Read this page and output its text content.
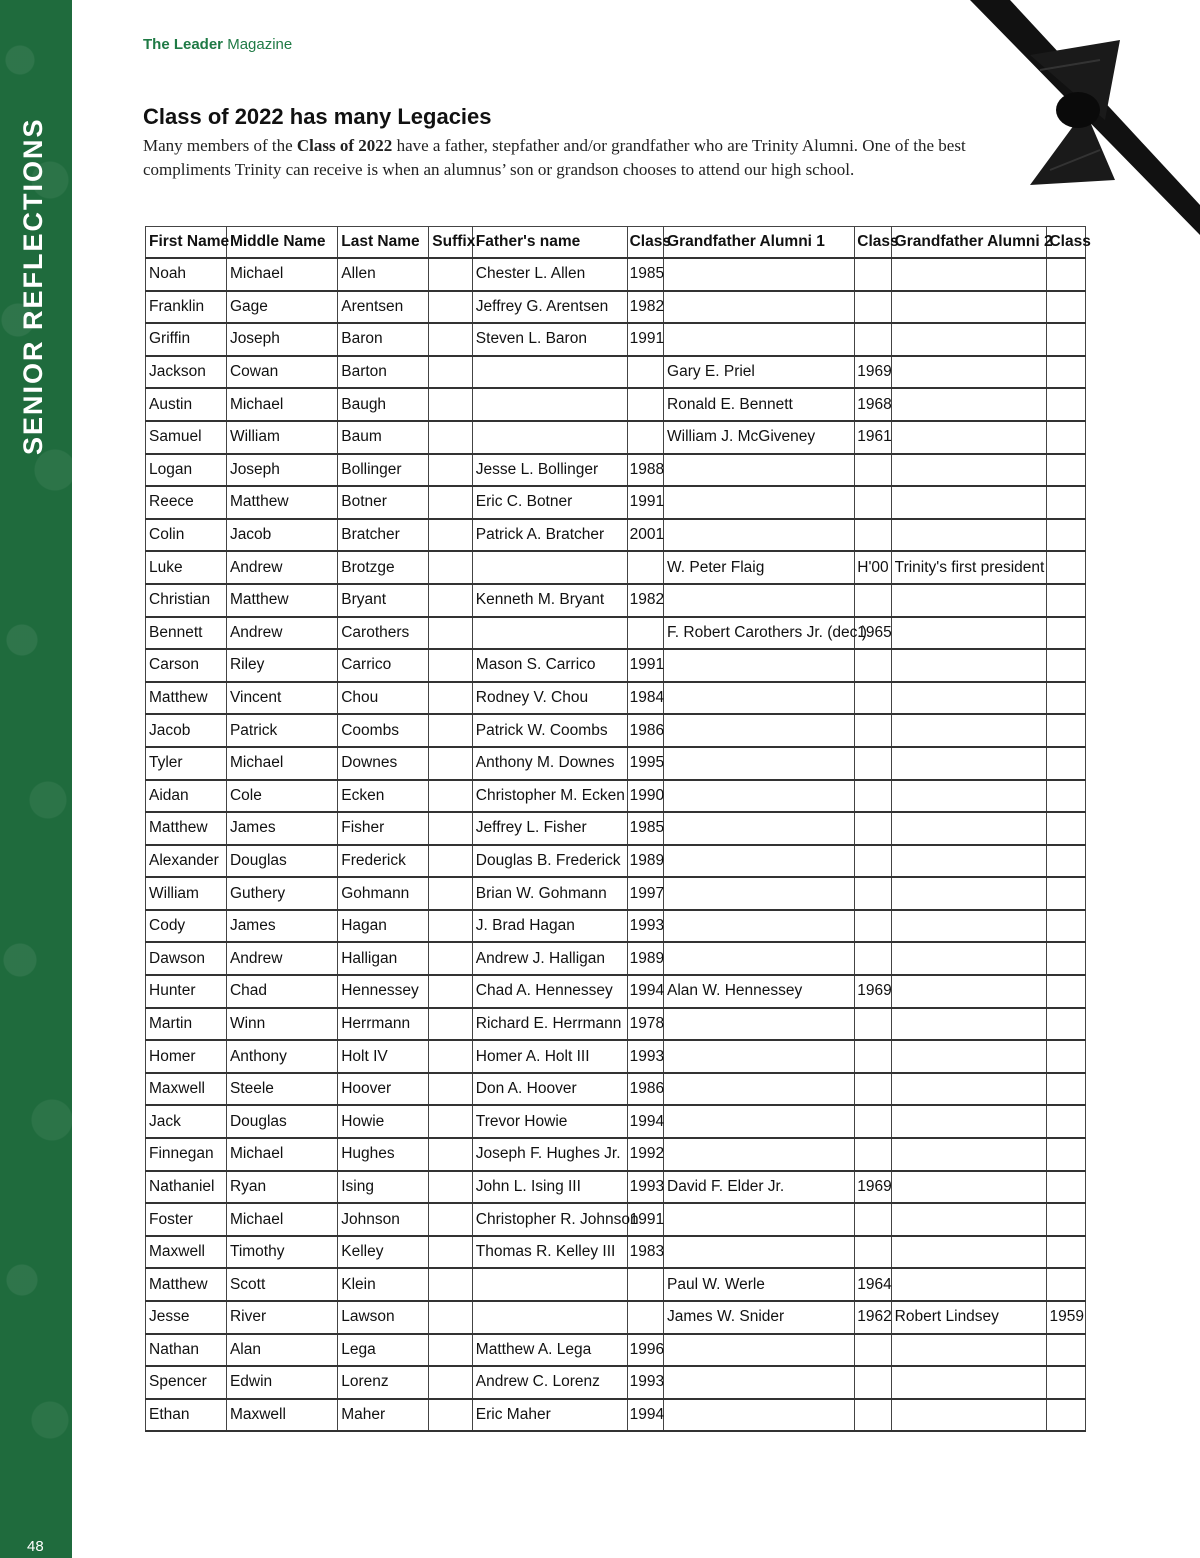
SENIOR REFLECTIONS
48
The Leader Magazine
Class of 2022 has many Legacies

Many members of the Class of 2022 have a father, stepfather and/or grandfather who are Trinity Alumni. One of the best compliments Trinity can receive is when an alumnus’ son or grandson chooses to attend our high school.

First Name	Middle Name	Last Name	Suffix	Father's name	Class	Grandfather Alumni 1	Class	Grandfather Alumni 2	Class
Noah	Michael	Allen		Chester L. Allen	1985				
Franklin	Gage	Arentsen		Jeffrey G. Arentsen	1982				
Griffin	Joseph	Baron		Steven L. Baron	1991				
Jackson	Cowan	Barton				Gary E. Priel	1969		
Austin	Michael	Baugh				Ronald E. Bennett	1968		
Samuel	William	Baum				William J. McGiveney	1961		
Logan	Joseph	Bollinger		Jesse L. Bollinger	1988				
Reece	Matthew	Botner		Eric C. Botner	1991				
Colin	Jacob	Bratcher		Patrick A. Bratcher	2001				
Luke	Andrew	Brotzge				W. Peter Flaig	H'00	Trinity's first president	
Christian	Matthew	Bryant		Kenneth M. Bryant	1982				
Bennett	Andrew	Carothers				F. Robert Carothers Jr. (dec.)	1965		
Carson	Riley	Carrico		Mason S. Carrico	1991				
Matthew	Vincent	Chou		Rodney V. Chou	1984				
Jacob	Patrick	Coombs		Patrick W. Coombs	1986				
Tyler	Michael	Downes		Anthony M. Downes	1995				
Aidan	Cole	Ecken		Christopher M. Ecken	1990				
Matthew	James	Fisher		Jeffrey L. Fisher	1985				
Alexander	Douglas	Frederick		Douglas B. Frederick	1989				
William	Guthery	Gohmann		Brian W. Gohmann	1997				
Cody	James	Hagan		J. Brad Hagan	1993				
Dawson	Andrew	Halligan		Andrew J. Halligan	1989				
Hunter	Chad	Hennessey		Chad A. Hennessey	1994	Alan W. Hennessey	1969		
Martin	Winn	Herrmann		Richard E. Herrmann	1978				
Homer	Anthony	Holt IV		Homer A. Holt III	1993				
Maxwell	Steele	Hoover		Don A. Hoover	1986				
Jack	Douglas	Howie		Trevor Howie	1994				
Finnegan	Michael	Hughes		Joseph F. Hughes Jr.	1992				
Nathaniel	Ryan	Ising		John L. Ising III	1993	David F. Elder Jr.	1969		
Foster	Michael	Johnson		Christopher R. Johnson	1991				
Maxwell	Timothy	Kelley		Thomas R. Kelley III	1983				
Matthew	Scott	Klein				Paul W. Werle	1964		
Jesse	River	Lawson				James W. Snider	1962	Robert Lindsey	1959
Nathan	Alan	Lega		Matthew A. Lega	1996				
Spencer	Edwin	Lorenz		Andrew C. Lorenz	1993				
Ethan	Maxwell	Maher		Eric Maher	1994				
